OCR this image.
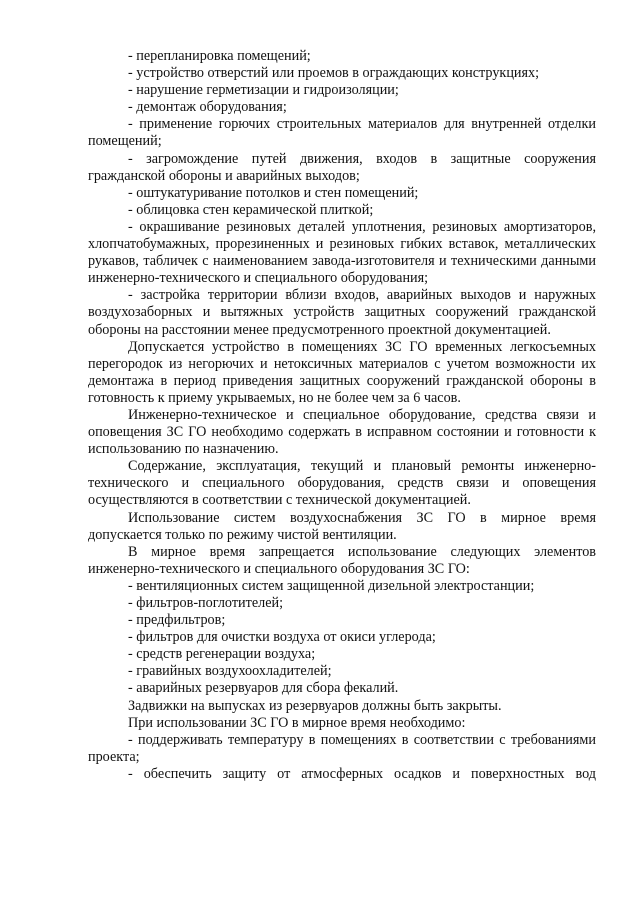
- перепланировка помещений;

- устройство отверстий или проемов в ограждающих конструкциях;

- нарушение герметизации и гидроизоляции;

- демонтаж оборудования;

- применение горючих строительных материалов для внутренней отделки помещений;

- загромождение путей движения, входов в защитные сооружения гражданской обороны и аварийных выходов;

- оштукатуривание потолков и стен помещений;

- облицовка стен керамической плиткой;

- окрашивание резиновых деталей уплотнения, резиновых амортизаторов, хлопчатобумажных, прорезиненных и резиновых гибких вставок, металлических рукавов, табличек с наименованием завода-изготовителя и техническими данными инженерно-технического и специального оборудования;

- застройка территории вблизи входов, аварийных выходов и наружных воздухозаборных и вытяжных устройств защитных сооружений гражданской обороны на расстоянии менее предусмотренного проектной документацией.

Допускается устройство в помещениях ЗС ГО временных легкосъемных перегородок из негорючих и нетоксичных материалов с учетом возможности их демонтажа в период приведения защитных сооружений гражданской обороны в готовность к приему укрываемых, но не более чем за 6 часов.

Инженерно-техническое и специальное оборудование, средства связи и оповещения ЗС ГО необходимо содержать в исправном состоянии и готовности к использованию по назначению.

Содержание, эксплуатация, текущий и плановый ремонты инженерно-технического и специального оборудования, средств связи и оповещения осуществляются в соответствии с технической документацией.

Использование систем воздухоснабжения ЗС ГО в мирное время допускается только по режиму чистой вентиляции.

В мирное время запрещается использование следующих элементов инженерно-технического и специального оборудования ЗС ГО:

- вентиляционных систем защищенной дизельной электростанции;

- фильтров-поглотителей;

- предфильтров;

- фильтров для очистки воздуха от окиси углерода;

- средств регенерации воздуха;

- гравийных воздухоохладителей;

- аварийных резервуаров для сбора фекалий.

Задвижки на выпусках из резервуаров должны быть закрыты.

При использовании ЗС ГО в мирное время необходимо:

- поддерживать температуру в помещениях в соответствии с требованиями проекта;

- обеспечить защиту от атмосферных осадков и поверхностных вод
